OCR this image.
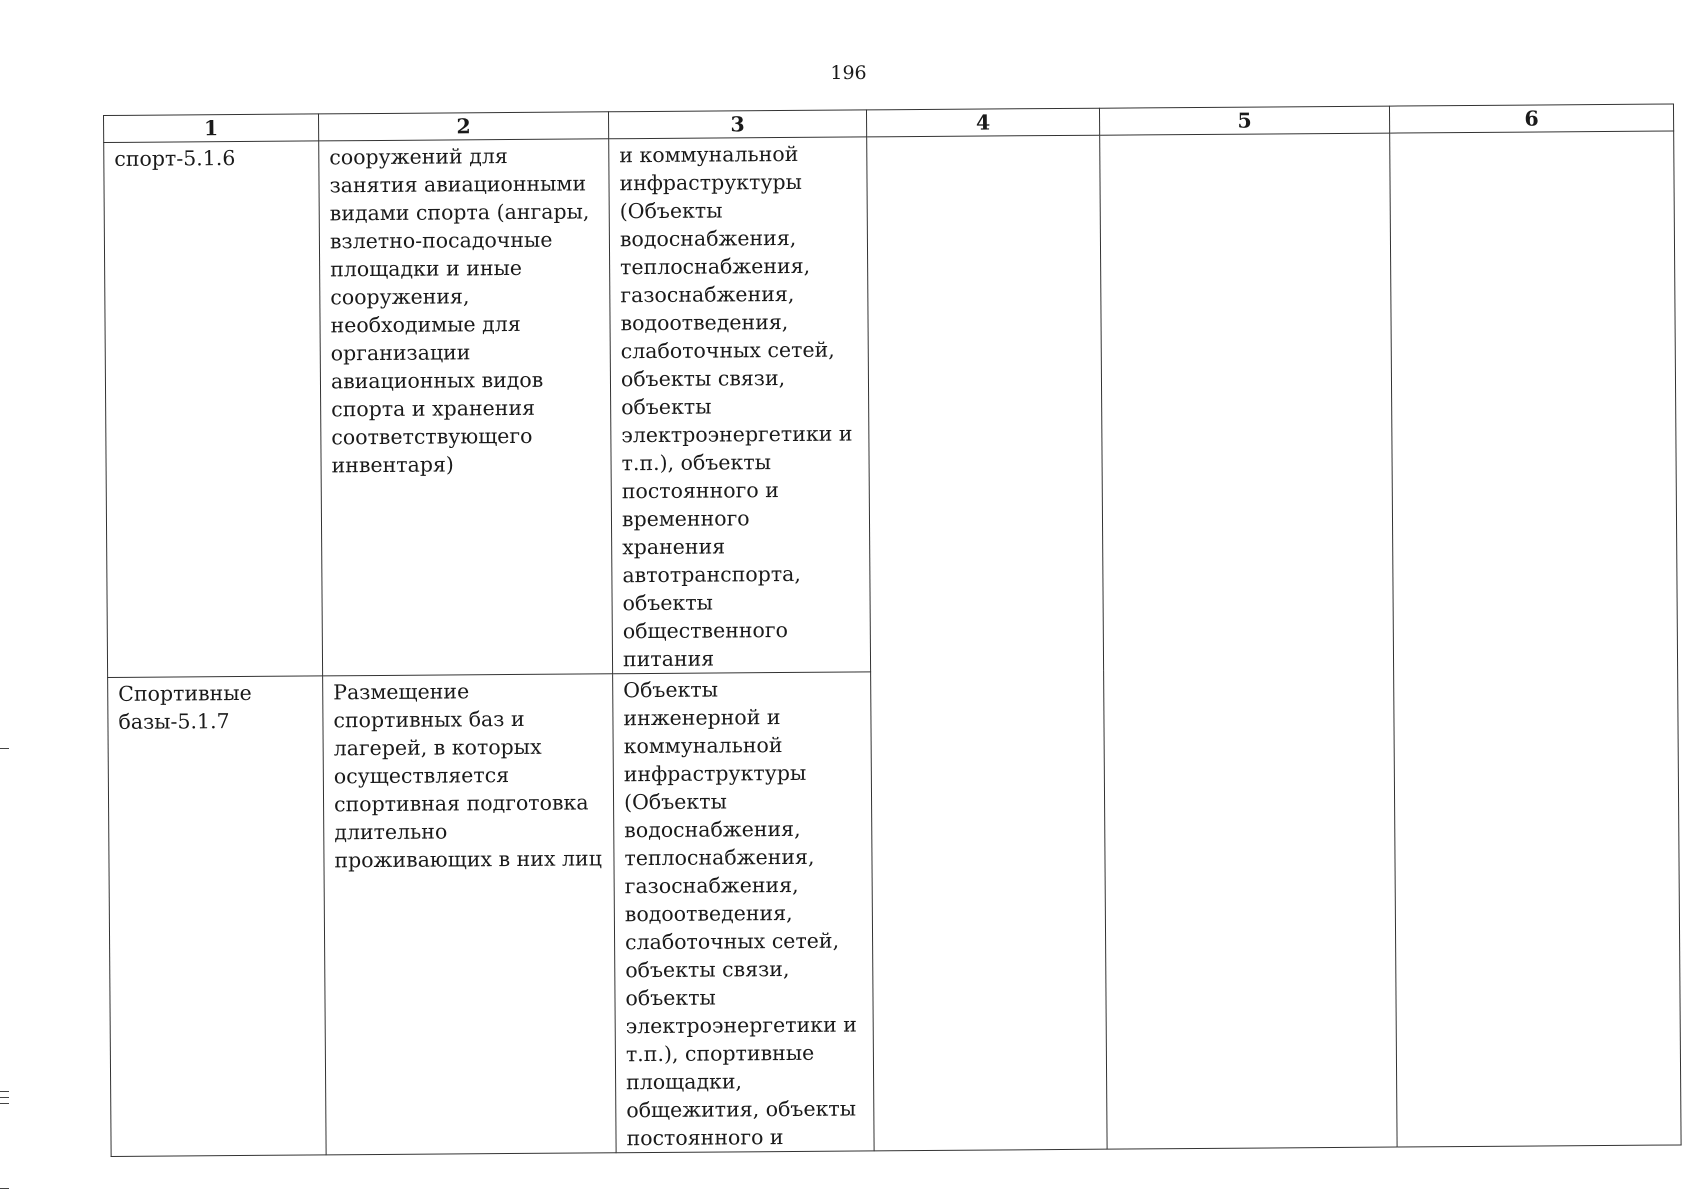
196
1	2	3	4	5	6
спорт-5.1.6	сооружений для занятия авиационными видами спорта (ангары, взлетно-посадочные площадки и иные сооружения, необходимые для организации авиационных видов спорта и хранения соответствующего инвентаря)	и коммунальной инфраструктуры (Объекты водоснабжения, теплоснабжения, газоснабжения, водоотведения, слаботочных сетей, объекты связи, объекты электроэнергетики и т.п.), объекты постоянного и временного хранения автотранспорта, объекты общественного питания			
Спортивные базы-5.1.7	Размещение спортивных баз и лагерей, в которых осуществляется спортивная подготовка длительно проживающих в них лиц	Объекты инженерной и коммунальной инфраструктуры (Объекты водоснабжения, теплоснабжения, газоснабжения, водоотведения, слаботочных сетей, объекты связи, объекты электроэнергетики и т.п.), спортивные площадки, общежития, объекты постоянного и			
